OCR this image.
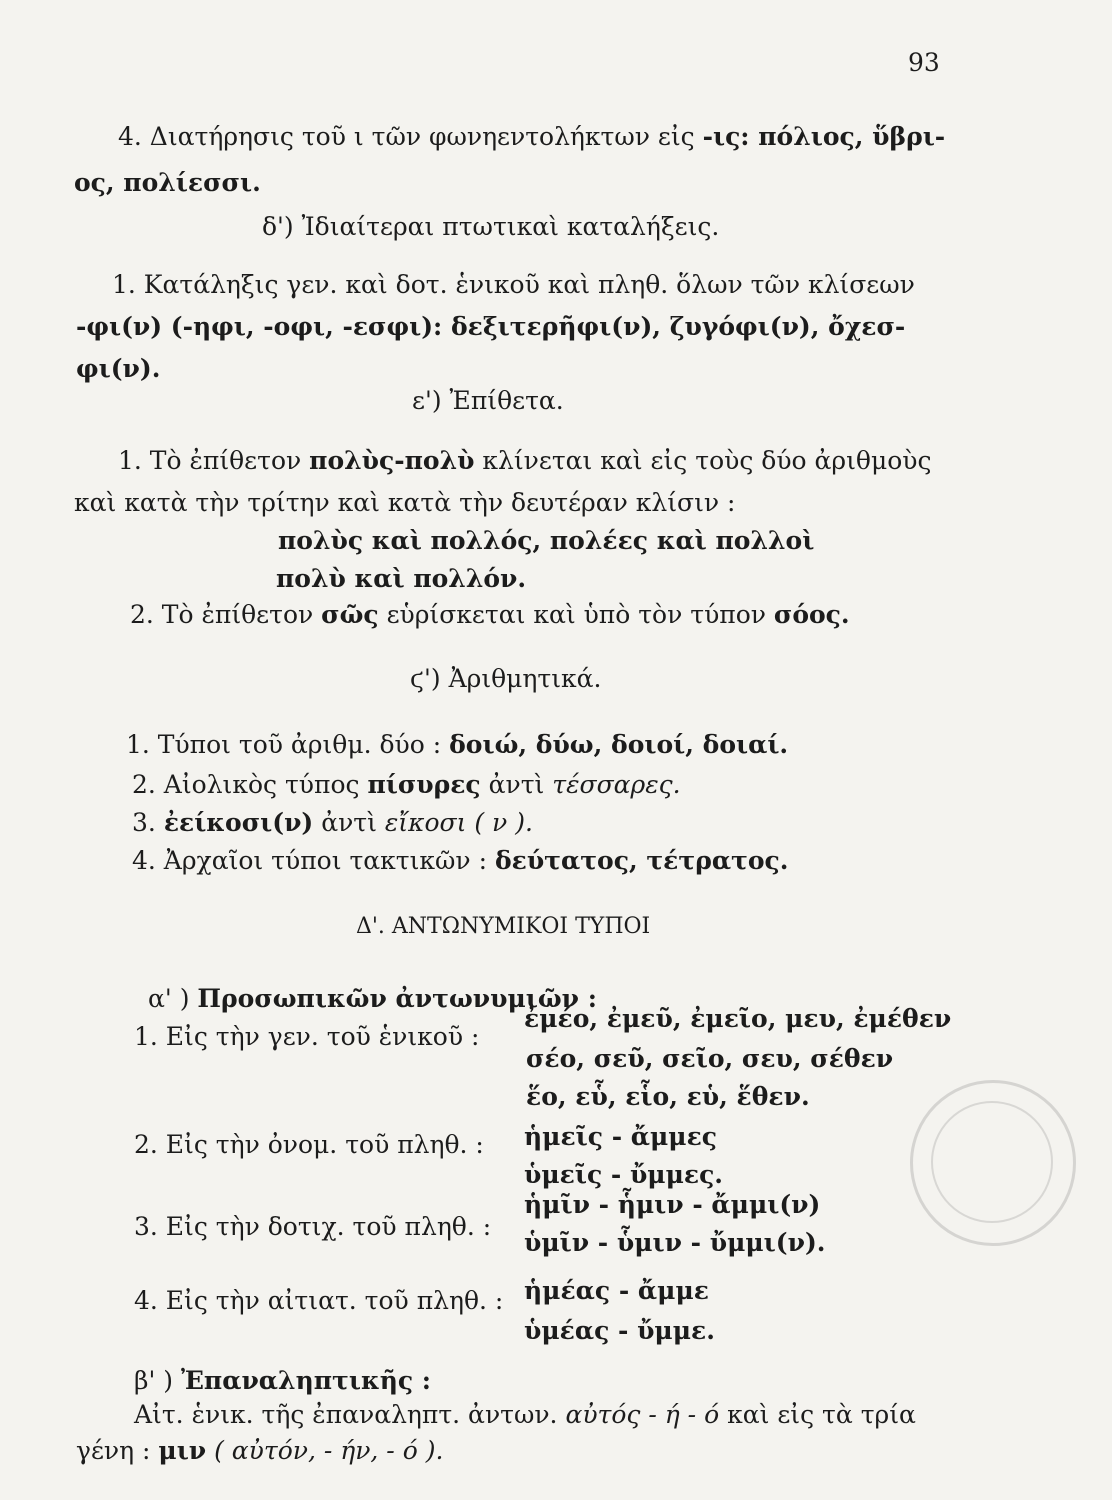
93
4. Διατήρησις τοῦ ι τῶν φωνηεντολήκτων εἰς -ις: πόλιος, ὕβρι-
ος, πολίεσσι.
δ') Ἰδιαίτεραι πτωτικαὶ καταλήξεις.
1. Κατάληξις γεν. καὶ δοτ. ἑνικοῦ καὶ πληθ. ὅλων τῶν κλίσεων
-φι(ν) (-ηφι, -οφι, -εσφι): δεξιτερῆφι(ν), ζυγόφι(ν), ὄχεσ-
φι(ν).
ε') Ἐπίθετα.
1. Τὸ ἐπίθετον πολὺς-πολὺ κλίνεται καὶ εἰς τοὺς δύο ἀριθμοὺς
καὶ κατὰ τὴν τρίτην καὶ κατὰ τὴν δευτέραν κλίσιν :
πολὺς καὶ πολλός, πολέες καὶ πολλοὶ
πολὺ καὶ πολλόν.
2. Τὸ ἐπίθετον σῶς εὑρίσκεται καὶ ὑπὸ τὸν τύπον σόος.
ϛ') Ἀριθμητικά.
1. Τύποι τοῦ ἀριθμ. δύο : δοιώ, δύω, δοιοί, δοιαί.
2. Αἰολικὸς τύπος πίσυρες ἀντὶ τέσσαρες.
3. ἐείκοσι(ν) ἀντὶ εἴκοσι ( ν ).
4. Ἀρχαῖοι τύποι τακτικῶν : δεύτατος, τέτρατος.
Δ'. ΑΝΤΩΝΥΜΙΚΟΙ ΤΥΠΟΙ
α' ) Προσωπικῶν ἀντωνυμιῶν :
1. Εἰς τὴν γεν. τοῦ ἑνικοῦ :
ἐμέο, ἐμεῦ, ἐμεῖο, μευ, ἐμέθεν
σέο, σεῦ, σεῖο, σευ, σέθεν
ἕο, εὗ, εἷο, εὑ, ἕθεν.
2. Εἰς τὴν ὀνομ. τοῦ πληθ. : ἡμεῖς - ἄμμες
ὑμεῖς - ὔμμες.
3. Εἰς τὴν δοτιχ. τοῦ πληθ. :
ἡμῖν - ἧμιν - ἄμμι(ν)
ὑμῖν - ὗμιν - ὔμμι(ν).
4. Εἰς τὴν αἰτιατ. τοῦ πληθ. : ἡμέας - ἄμμε
ὑμέας - ὔμμε.
β' ) Ἐπαναληπτικῆς :
Αἰτ. ἑνικ. τῆς ἐπαναληπτ. ἀντων. αὐτός - ή - ό καὶ εἰς τὰ τρία
γένη : μιν ( αὐτόν, - ήν, - ό ).
